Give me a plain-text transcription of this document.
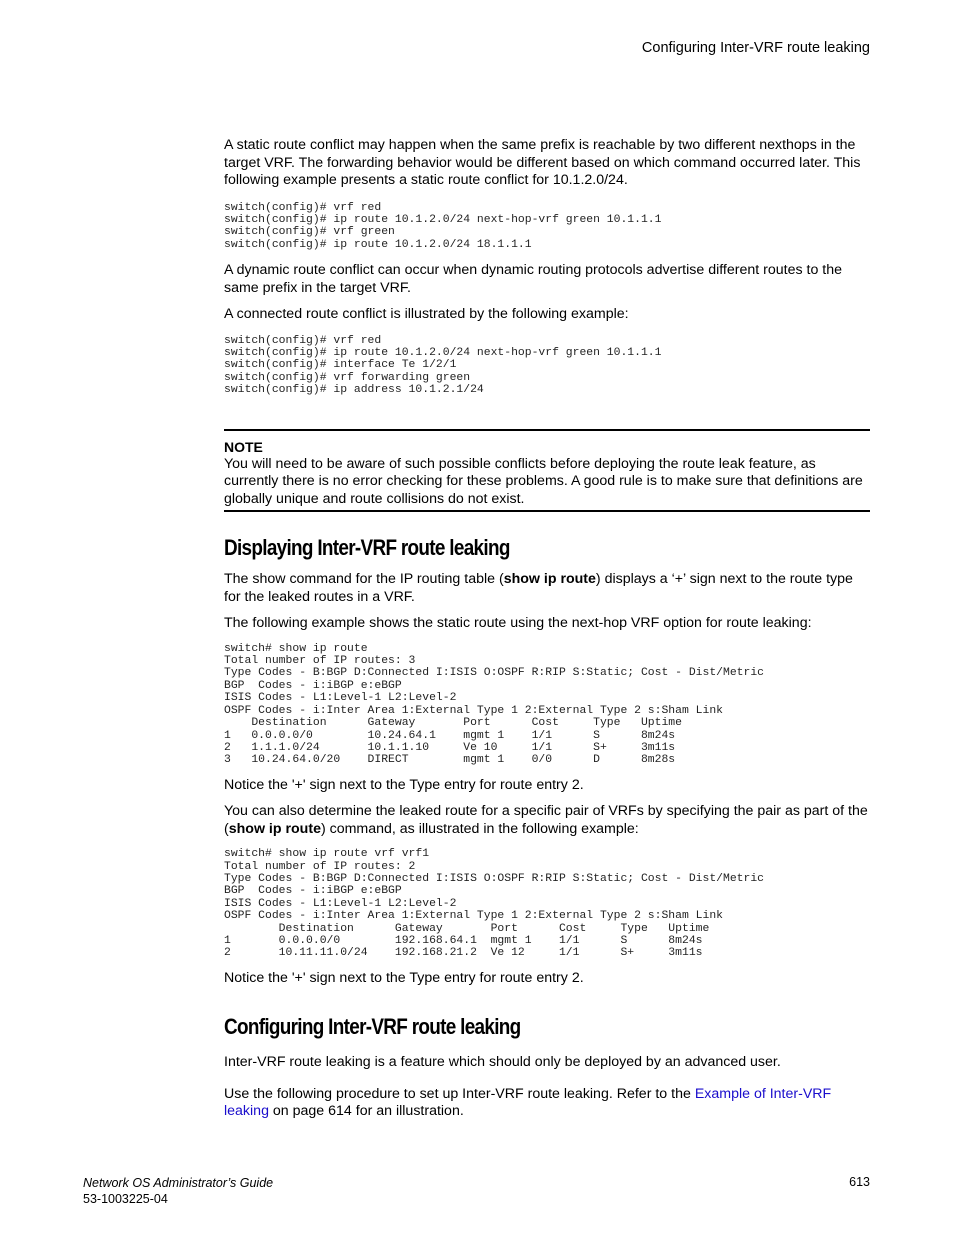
Configuring Inter-VRF route leaking

A static route conflict may happen when the same prefix is reachable by two different nexthops in the target VRF. The forwarding behavior would be different based on which command occurred later. This following example presents a static route conflict for 10.1.2.0/24.

switch(config)# vrf red
switch(config)# ip route 10.1.2.0/24 next-hop-vrf green 10.1.1.1
switch(config)# vrf green
switch(config)# ip route 10.1.2.0/24 18.1.1.1

A dynamic route conflict can occur when dynamic routing protocols advertise different routes to the same prefix in the target VRF.

A connected route conflict is illustrated by the following example:

switch(config)# vrf red
switch(config)# ip route 10.1.2.0/24 next-hop-vrf green 10.1.1.1
switch(config)# interface Te 1/2/1
switch(config)# vrf forwarding green
switch(config)# ip address 10.1.2.1/24
NOTE

You will need to be aware of such possible conflicts before deploying the route leak feature, as currently there is no error checking for these problems. A good rule is to make sure that definitions are globally unique and route collisions do not exist.

Displaying Inter-VRF route leaking

The show command for the IP routing table (show ip route) displays a ‘+’ sign next to the route type for the leaked routes in a VRF.

The following example shows the static route using the next-hop VRF option for route leaking:

switch# show ip route
Total number of IP routes: 3
Type Codes - B:BGP D:Connected I:ISIS O:OSPF R:RIP S:Static; Cost - Dist/Metric
BGP  Codes - i:iBGP e:eBGP
ISIS Codes - L1:Level-1 L2:Level-2
OSPF Codes - i:Inter Area 1:External Type 1 2:External Type 2 s:Sham Link
Destination      Gateway       Port      Cost     Type   Uptime
1   0.0.0.0/0        10.24.64.1    mgmt 1    1/1      S      8m24s
2   1.1.1.0/24       10.1.1.10     Ve 10     1/1      S+     3m11s
3   10.24.64.0/20    DIRECT        mgmt 1    0/0      D      8m28s

Notice the '+' sign next to the Type entry for route entry 2.

You can also determine the leaked route for a specific pair of VRFs by specifying the pair as part of the (show ip route) command, as illustrated in the following example:

switch# show ip route vrf vrf1
Total number of IP routes: 2
Type Codes - B:BGP D:Connected I:ISIS O:OSPF R:RIP S:Static; Cost - Dist/Metric
BGP  Codes - i:iBGP e:eBGP
ISIS Codes - L1:Level-1 L2:Level-2
OSPF Codes - i:Inter Area 1:External Type 1 2:External Type 2 s:Sham Link
Destination      Gateway       Port      Cost     Type   Uptime
1       0.0.0.0/0        192.168.64.1  mgmt 1    1/1      S      8m24s
2       10.11.11.0/24    192.168.21.2  Ve 12     1/1      S+     3m11s

Notice the '+' sign next to the Type entry for route entry 2.

Configuring Inter-VRF route leaking

Inter-VRF route leaking is a feature which should only be deployed by an advanced user.

Use the following procedure to set up Inter-VRF route leaking. Refer to the Example of Inter-VRF leaking on page 614 for an illustration.

Network OS Administrator’s Guide
53-1003225-04
613
